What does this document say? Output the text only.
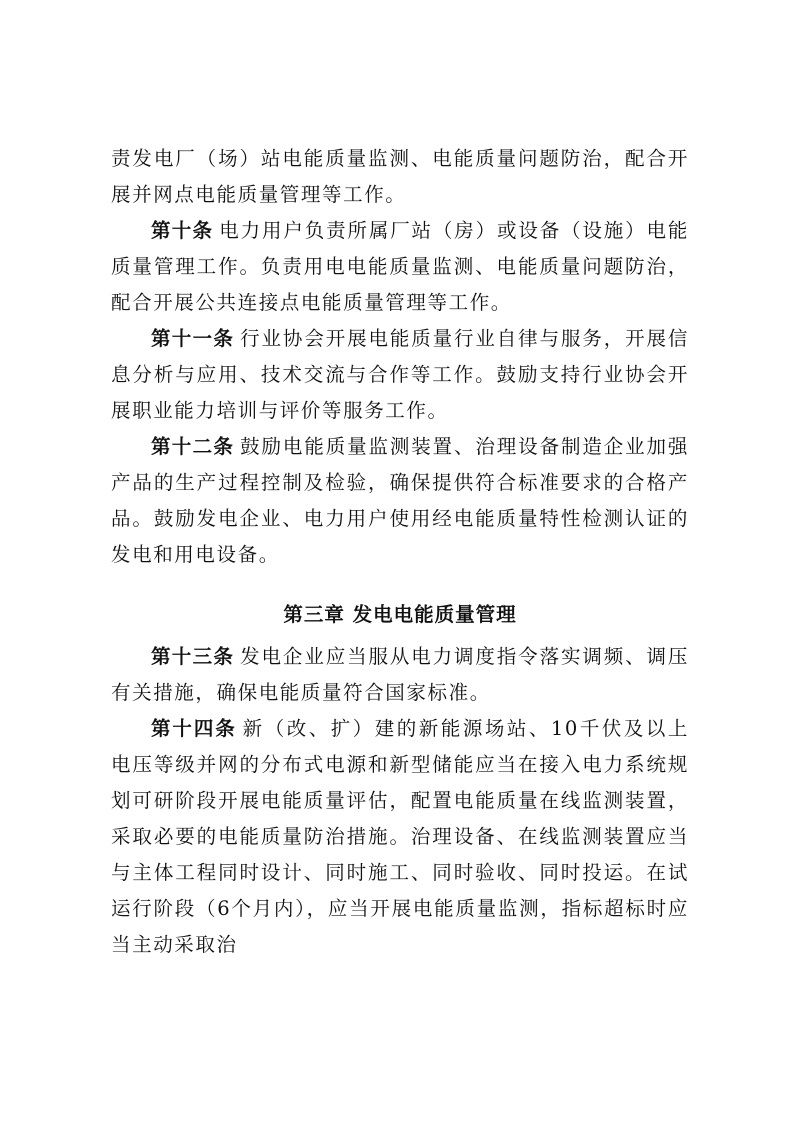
责发电厂（场）站电能质量监测、电能质量问题防治，配合开展并网点电能质量管理等工作。

第十条 电力用户负责所属厂站（房）或设备（设施）电能质量管理工作。负责用电电能质量监测、电能质量问题防治，配合开展公共连接点电能质量管理等工作。

第十一条 行业协会开展电能质量行业自律与服务，开展信息分析与应用、技术交流与合作等工作。鼓励支持行业协会开展职业能力培训与评价等服务工作。

第十二条 鼓励电能质量监测装置、治理设备制造企业加强产品的生产过程控制及检验，确保提供符合标准要求的合格产品。鼓励发电企业、电力用户使用经电能质量特性检测认证的发电和用电设备。

第三章 发电电能质量管理

第十三条 发电企业应当服从电力调度指令落实调频、调压有关措施，确保电能质量符合国家标准。

第十四条 新（改、扩）建的新能源场站、10千伏及以上电压等级并网的分布式电源和新型储能应当在接入电力系统规划可研阶段开展电能质量评估，配置电能质量在线监测装置，采取必要的电能质量防治措施。治理设备、在线监测装置应当与主体工程同时设计、同时施工、同时验收、同时投运。在试运行阶段（6个月内），应当开展电能质量监测，指标超标时应当主动采取治
